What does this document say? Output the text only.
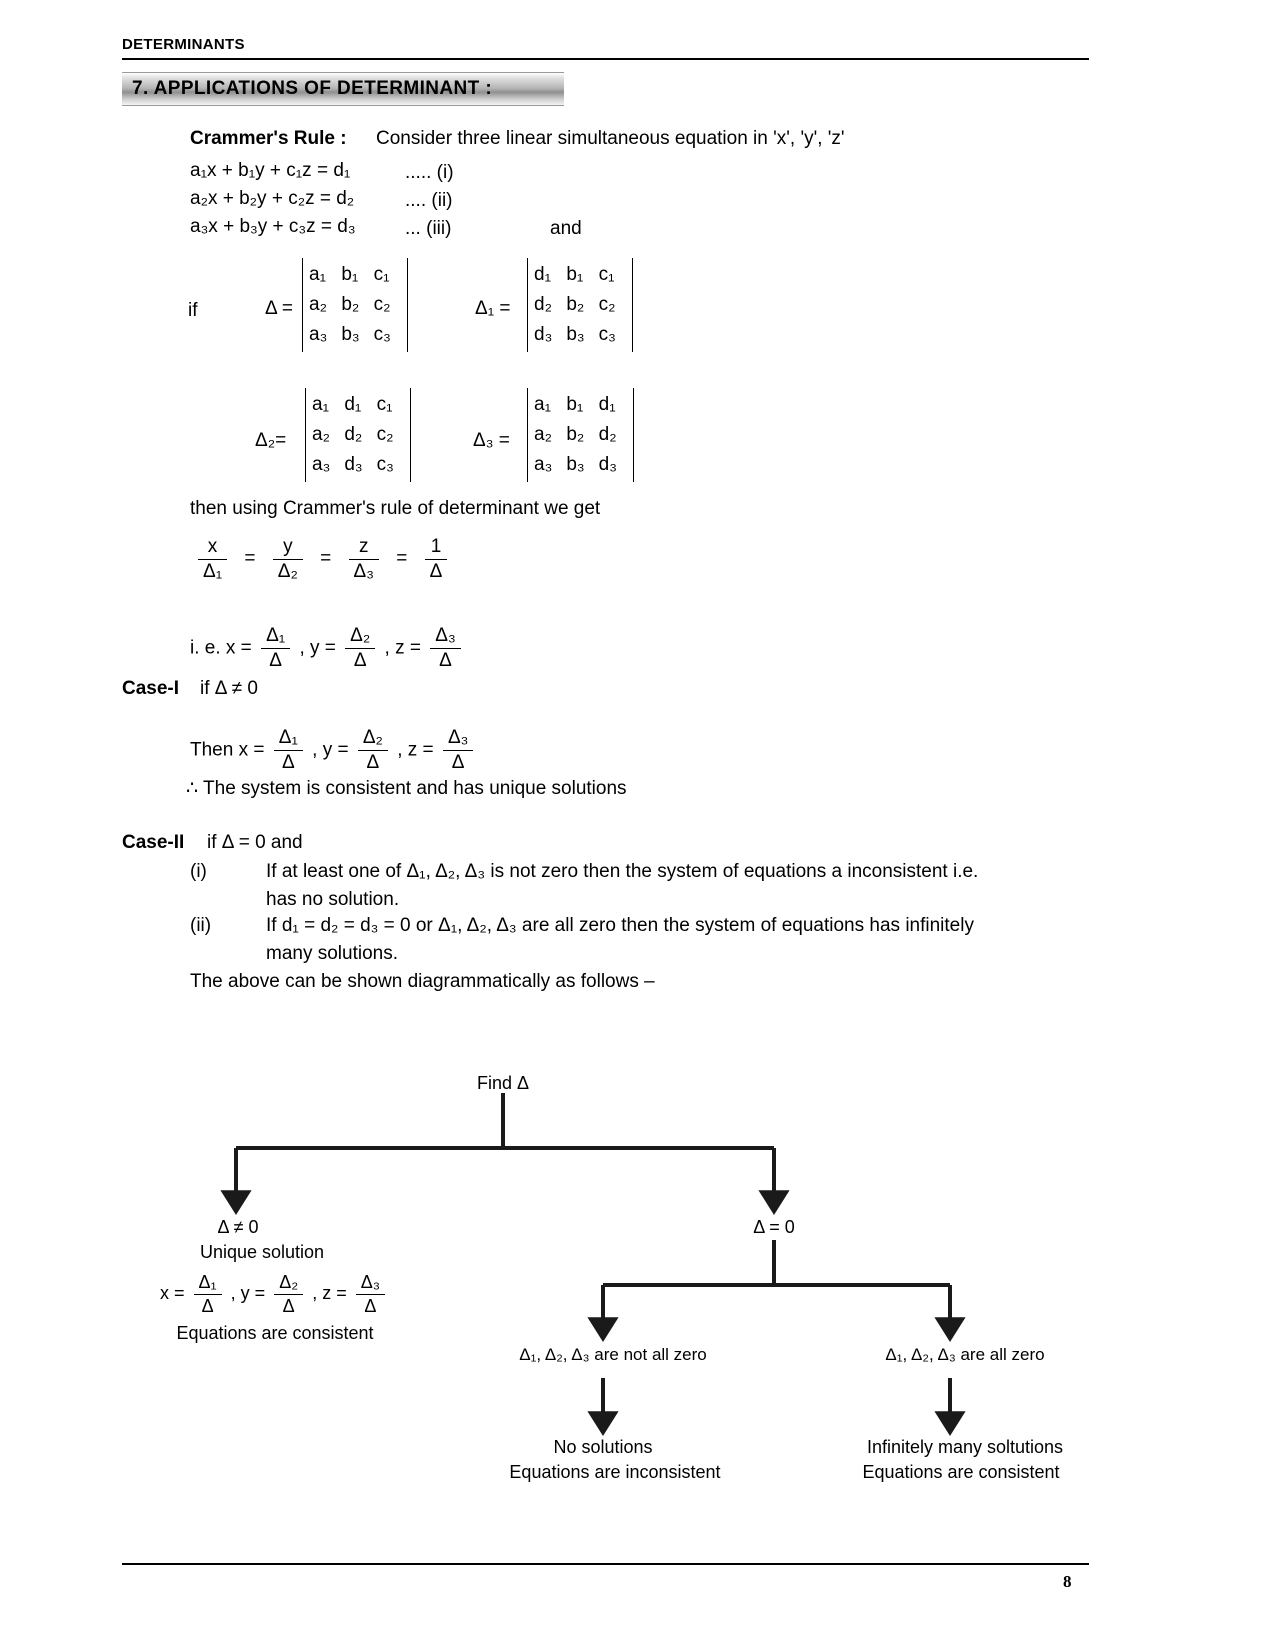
DETERMINANTS
7. APPLICATIONS OF DETERMINANT :
Crammer's Rule : Consider three linear simultaneous equation in 'x', 'y', 'z'
a₁x + b₁y + c₁z = d₁	..... (i)
a₂x + b₂y + c₂z = d₂	.... (ii)
a₃x + b₃y + c₃z = d₃	... (iii)	and
if	Δ =
a₁	b₁	c₁
a₂	b₂	c₂
a₃	b₃	c₃
Δ₁ =
d₁	b₁	c₁
d₂	b₂	c₂
d₃	b₃	c₃
Δ₂=
a₁	d₁	c₁
a₂	d₂	c₂
a₃	d₃	c₃
Δ₃ =
a₁	b₁	d₁
a₂	b₂	d₂
a₃	b₃	d₃
then using Crammer's rule of determinant we get
$\frac{x}{\text{Δ₁}} = \frac{y}{\text{Δ₂}} = \frac{z}{\text{Δ₃}} = \frac{1}{\Delta}$
i. e. $x = \frac{\text{Δ₁}}{\Delta}$ , $y = \frac{\text{Δ₂}}{\Delta}$ , $z = \frac{\text{Δ₃}}{\Delta}$
Case-I if Δ ≠ 0
Then $x = \frac{\text{Δ₁}}{\Delta}$ , $y = \frac{\text{Δ₂}}{\Delta}$ , $z = \frac{\text{Δ₃}}{\Delta}$
∴ The system is consistent and has unique solutions
Case-II if Δ = 0 and
(i)	If at least one of Δ₁, Δ₂, Δ₃ is not zero then the system of equations a inconsistent i.e.
has no solution.
(ii)	If d₁ = d₂ = d₃ = 0 or Δ₁, Δ₂, Δ₃ are all zero then the system of equations has infinitely
many solutions.
The above can be shown diagrammatically as follows –
Find Δ
Δ ≠ 0
Unique solution
$x = \frac{\text{Δ₁}}{\Delta}$ , $y = \frac{\text{Δ₂}}{\Delta}$ , $z = \frac{\text{Δ₃}}{\Delta}$
Equations are consistent
Δ = 0
Δ₁, Δ₂, Δ₃ are not all zero
No solutions
Equations are inconsistent
Δ₁, Δ₂, Δ₃ are all zero
Infinitely many soltutions
Equations are consistent
8
